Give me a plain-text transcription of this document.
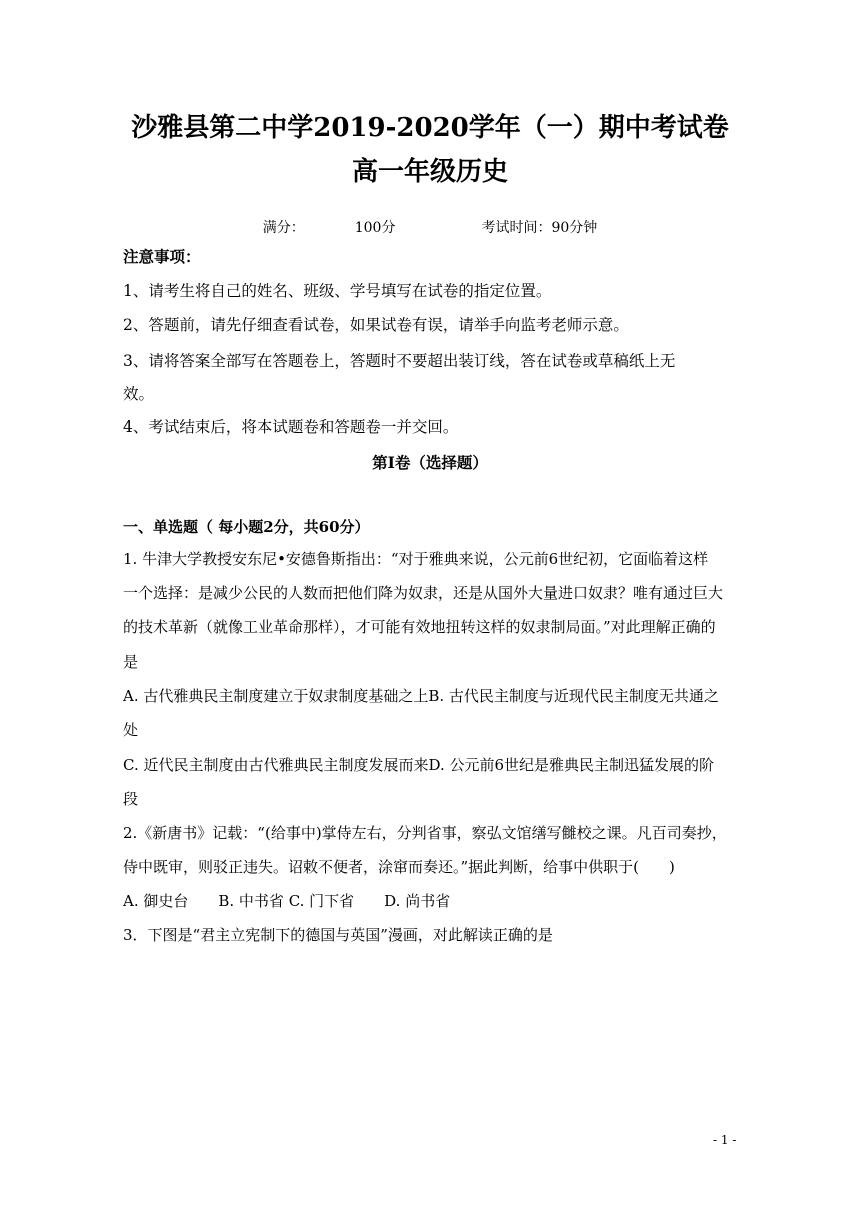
沙雅县第二中学2019-2020学年（一）期中考试卷
高一年级历史
满分：	100分	考试时间：90分钟
注意事项：
1、请考生将自己的姓名、班级、学号填写在试卷的指定位置。
2、答题前，请先仔细查看试卷，如果试卷有误，请举手向监考老师示意。
3、请将答案全部写在答题卷上，答题时不要超出装订线，答在试卷或草稿纸上无
效。
4、考试结束后，将本试题卷和答题卷一并交回。
第I卷（选择题）
一、单选题（ 每小题2分，共60分）
1. 牛津大学教授安东尼•安德鲁斯指出：“对于雅典来说，公元前6世纪初，它面临着这样
一个选择：是减少公民的人数而把他们降为奴隶，还是从国外大量进口奴隶？唯有通过巨大
的技术革新（就像工业革命那样），才可能有效地扭转这样的奴隶制局面。”对此理解正确的
是
A. 古代雅典民主制度建立于奴隶制度基础之上B. 古代民主制度与近现代民主制度无共通之
处
C. 近代民主制度由古代雅典民主制度发展而来D. 公元前6世纪是雅典民主制迅猛发展的阶
段
2.《新唐书》记载：“(给事中)掌侍左右，分判省事，察弘文馆缮写雠校之课。凡百司奏抄，
侍中既审，则驳正违失。诏敕不便者，涂窜而奏还。”据此判断，给事中供职于(　　)
A. 御史台　　B. 中书省 C. 门下省　　D. 尚书省
3．下图是“君主立宪制下的德国与英国”漫画，对此解读正确的是
- 1 -
